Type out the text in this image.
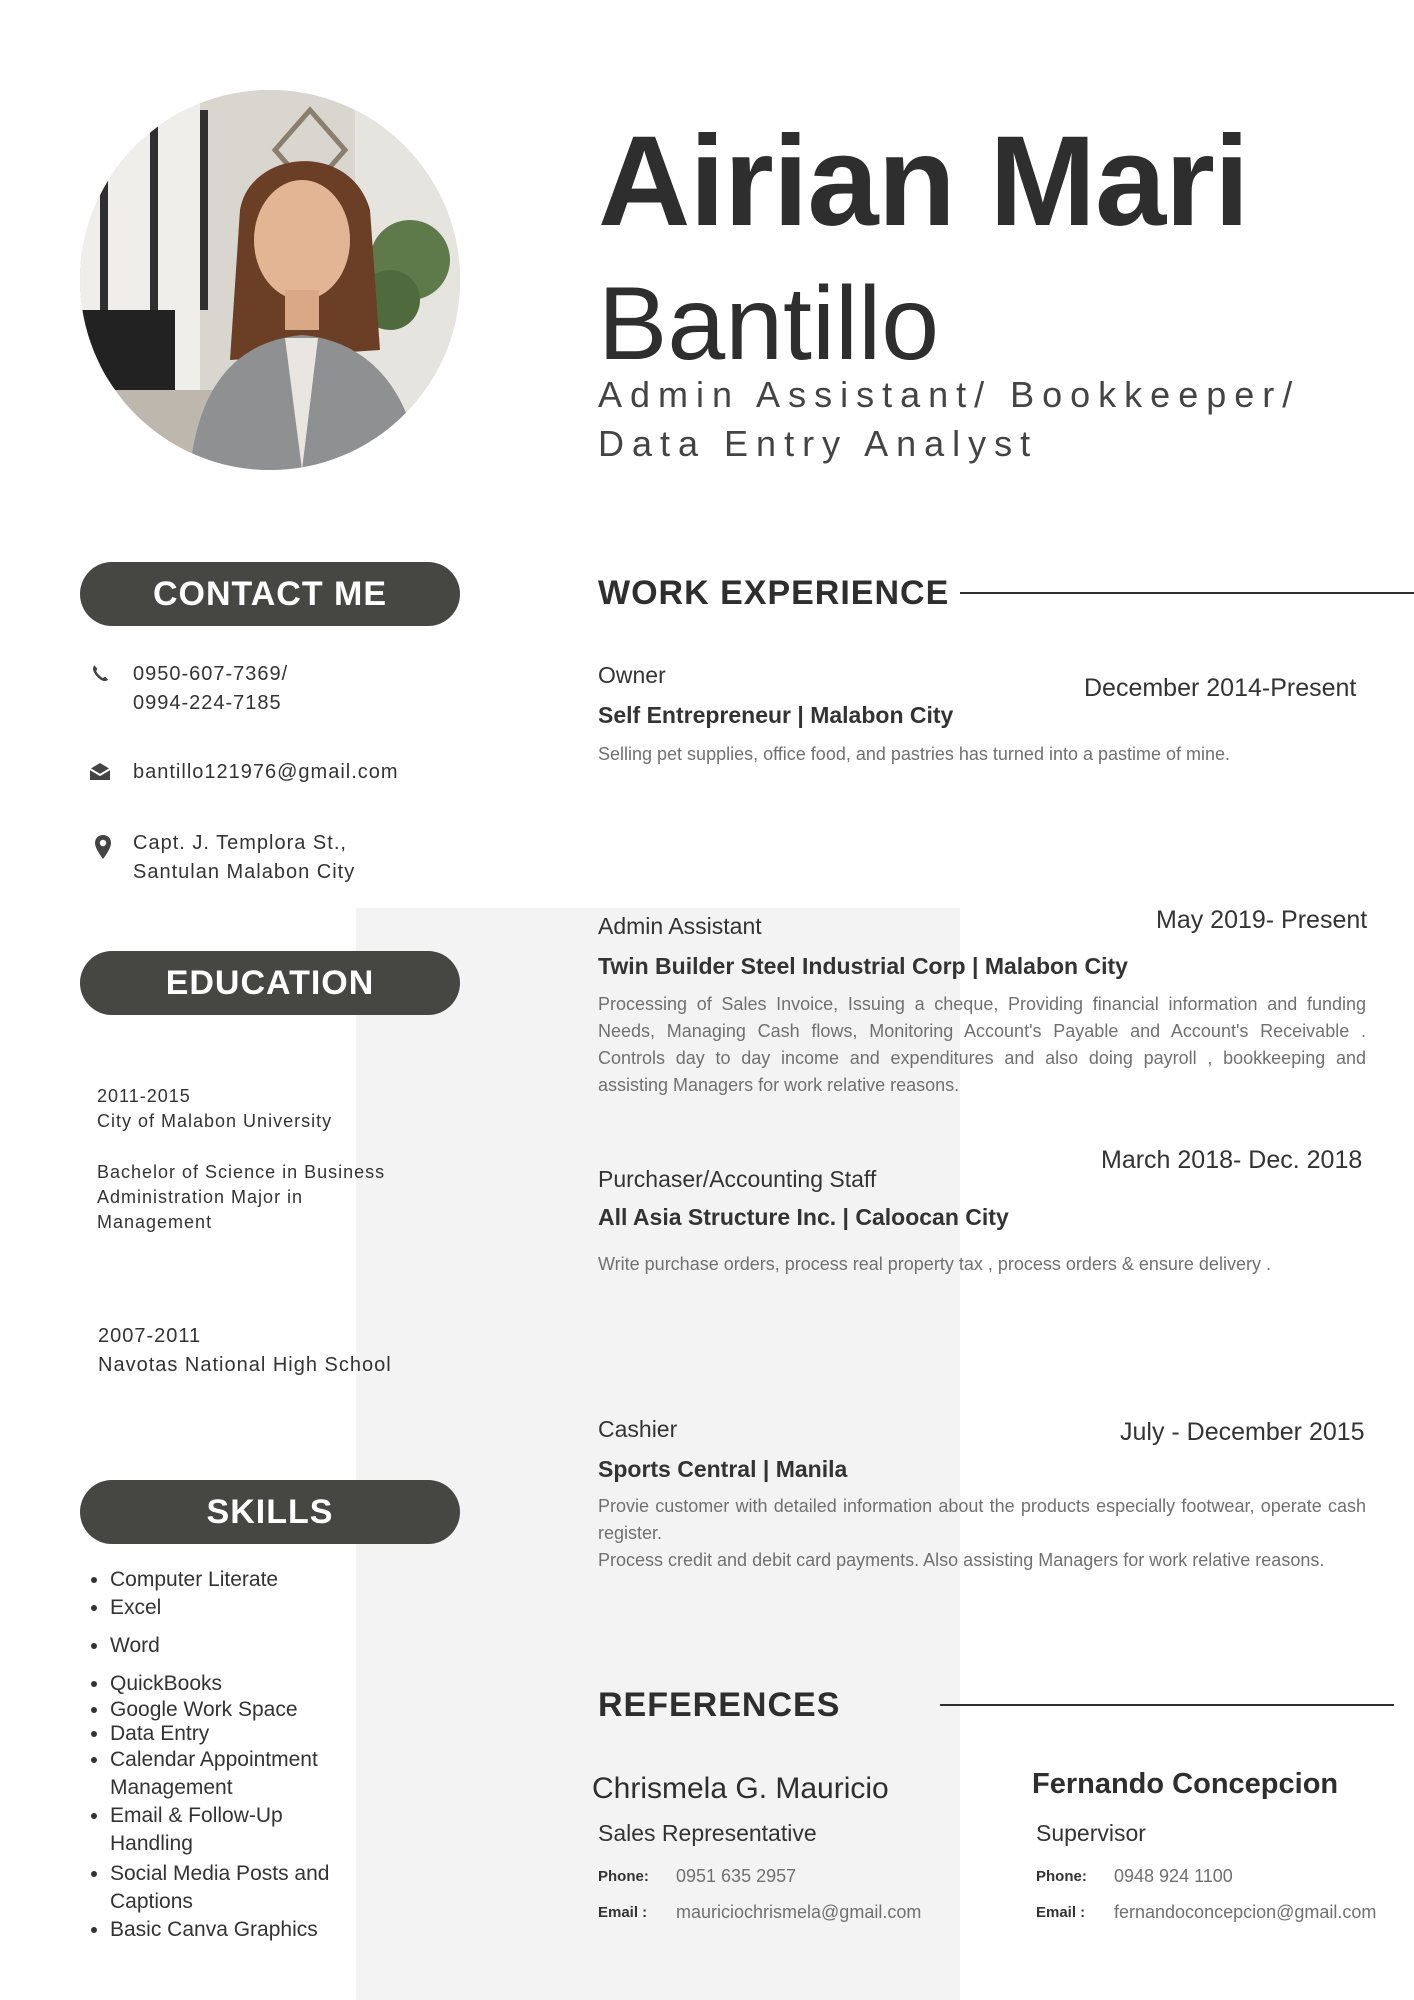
Airian Mari
Bantillo
Admin Assistant/ Bookkeeper/
Data Entry Analyst
CONTACT ME
0950-607-7369/
0994-224-7185
bantillo121976@gmail.com
Capt. J. Templora St.,
Santulan Malabon City
EDUCATION
2011-2015
City of Malabon University
Bachelor of Science in Business
Administration Major in
Management
2007-2011
Navotas National High School
SKILLS
• Computer Literate
• Excel
• Word
• QuickBooks
• Google Work Space
• Data Entry
• Calendar Appointment Management
• Email & Follow-Up Handling
• Social Media Posts and Captions
• Basic Canva Graphics
WORK EXPERIENCE
Owner	December 2014-Present
Self Entrepreneur | Malabon City

Selling pet supplies, office food, and pastries has turned into a pastime of mine.

Admin Assistant	May 2019- Present
Twin Builder Steel Industrial Corp | Malabon City

Processing of Sales Invoice, Issuing a cheque, Providing financial information and funding Needs, Managing Cash flows, Monitoring Account's Payable and Account's Receivable . Controls day to day income and expenditures and also doing payroll , bookkeeping and assisting Managers for work relative reasons.

Purchaser/Accounting Staff
March 2018- Dec. 2018
All Asia Structure Inc. | Caloocan City

Write purchase orders, process real property tax , process orders & ensure delivery .

Cashier	July - December 2015
Sports Central | Manila

Provie customer with detailed information about the products especially footwear, operate cash register.

Process credit and debit card payments. Also assisting Managers for work relative reasons.

REFERENCES
Chrismela G. Mauricio
Sales Representative
Phone: 0951 635 2957
Email : mauriciochrismela@gmail.com
Fernando Concepcion
Supervisor
Phone: 0948 924 1100
Email : fernandoconcepcion@gmail.com
